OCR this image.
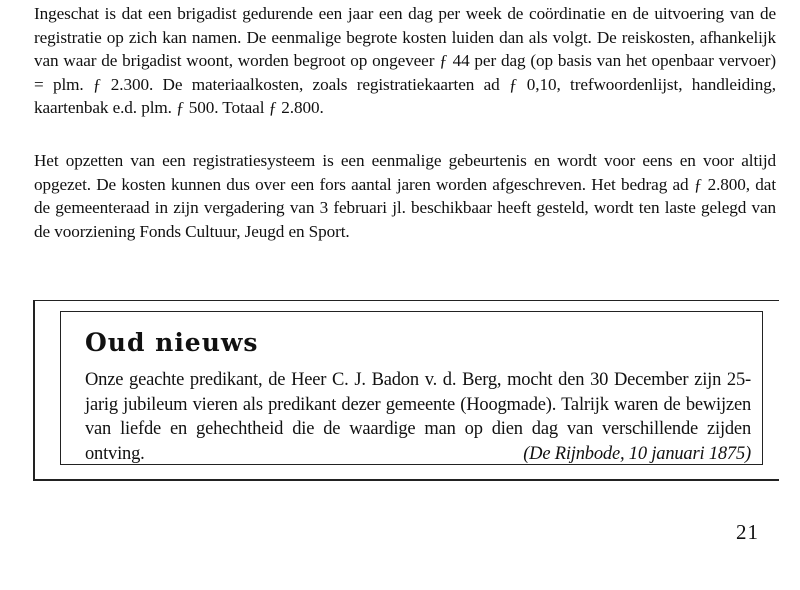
Ingeschat is dat een brigadist gedurende een jaar een dag per week de coördinatie en de uitvoering van de registratie op zich kan namen. De eenmalige begrote kosten luiden dan als volgt. De reiskosten, afhankelijk van waar de brigadist woont, worden begroot op ongeveer ƒ 44 per dag (op basis van het openbaar vervoer) = plm. ƒ 2.300. De materiaalkosten, zoals registratiekaarten ad ƒ 0,10, trefwoordenlijst, handleiding, kaartenbak e.d. plm. ƒ 500. Totaal ƒ 2.800.

Het opzetten van een registratiesysteem is een eenmalige gebeurtenis en wordt voor eens en voor altijd opgezet. De kosten kunnen dus over een fors aantal jaren worden afgeschreven. Het bedrag ad ƒ 2.800, dat de gemeenteraad in zijn vergadering van 3 februari jl. beschikbaar heeft gesteld, wordt ten laste gelegd van de voorziening Fonds Cultuur, Jeugd en Sport.

Oud nieuws

Onze geachte predikant, de Heer C. J. Badon v. d. Berg, mocht den 30 December zijn 25-jarig jubileum vieren als predikant dezer gemeente (Hoogmade). Talrijk waren de bewijzen van liefde en gehechtheid die de waardige man op dien dag van verschillende zijden ontving.	(De Rijnbode, 10 januari 1875)

21
